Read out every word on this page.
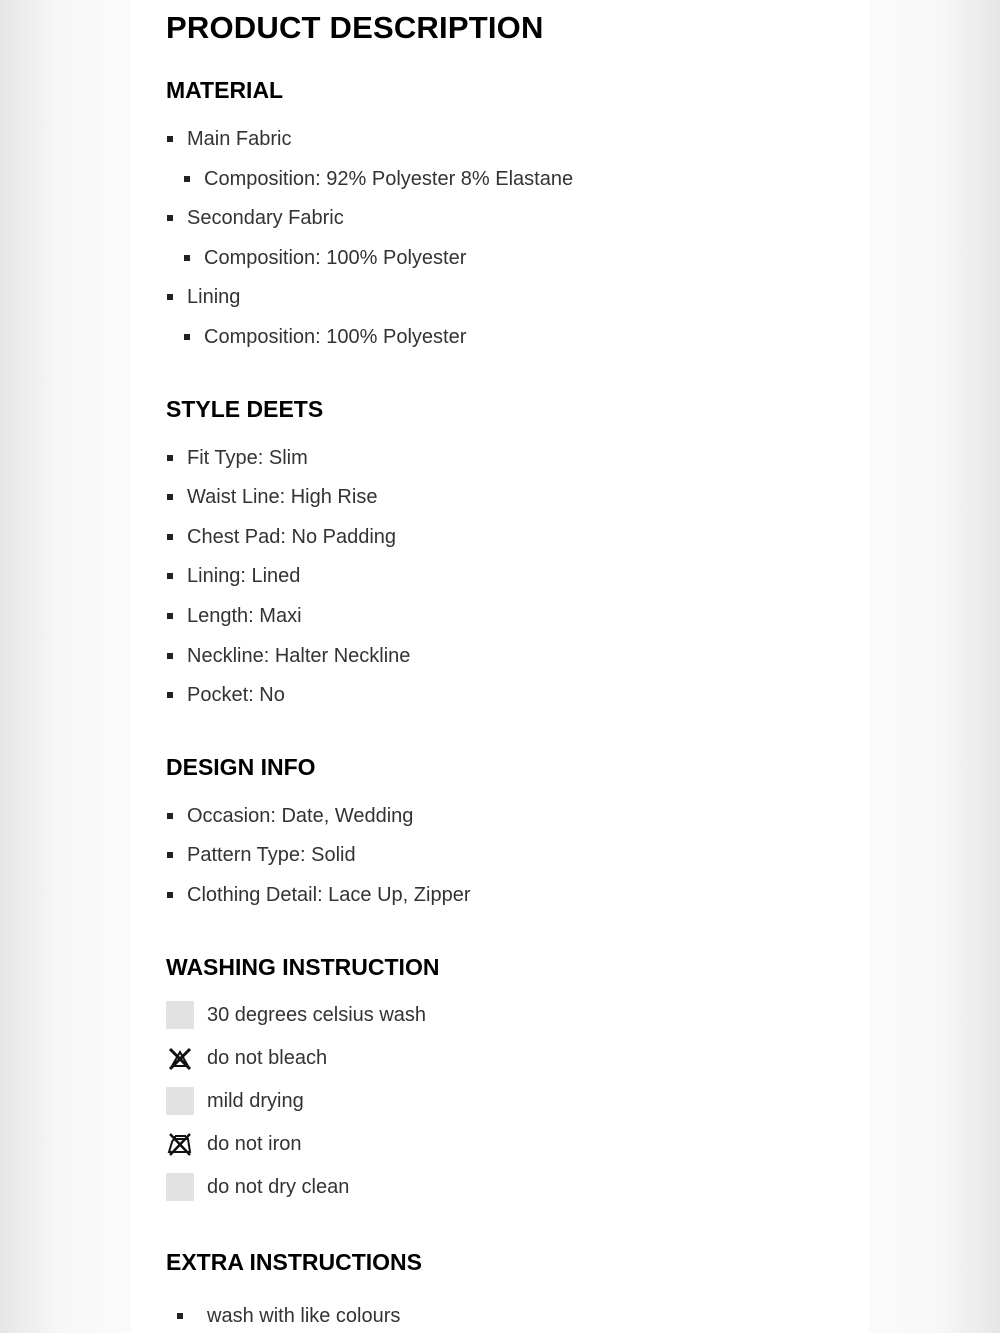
PRODUCT DESCRIPTION
MATERIAL
Main Fabric
Composition: 92% Polyester 8% Elastane
Secondary Fabric
Composition: 100% Polyester
Lining
Composition: 100% Polyester
STYLE DEETS
Fit Type: Slim
Waist Line: High Rise
Chest Pad: No Padding
Lining: Lined
Length: Maxi
Neckline: Halter Neckline
Pocket: No
DESIGN INFO
Occasion: Date, Wedding
Pattern Type: Solid
Clothing Detail: Lace Up, Zipper
WASHING INSTRUCTION
30 degrees celsius wash
do not bleach
mild drying
do not iron
do not dry clean
EXTRA INSTRUCTIONS
wash with like colours
